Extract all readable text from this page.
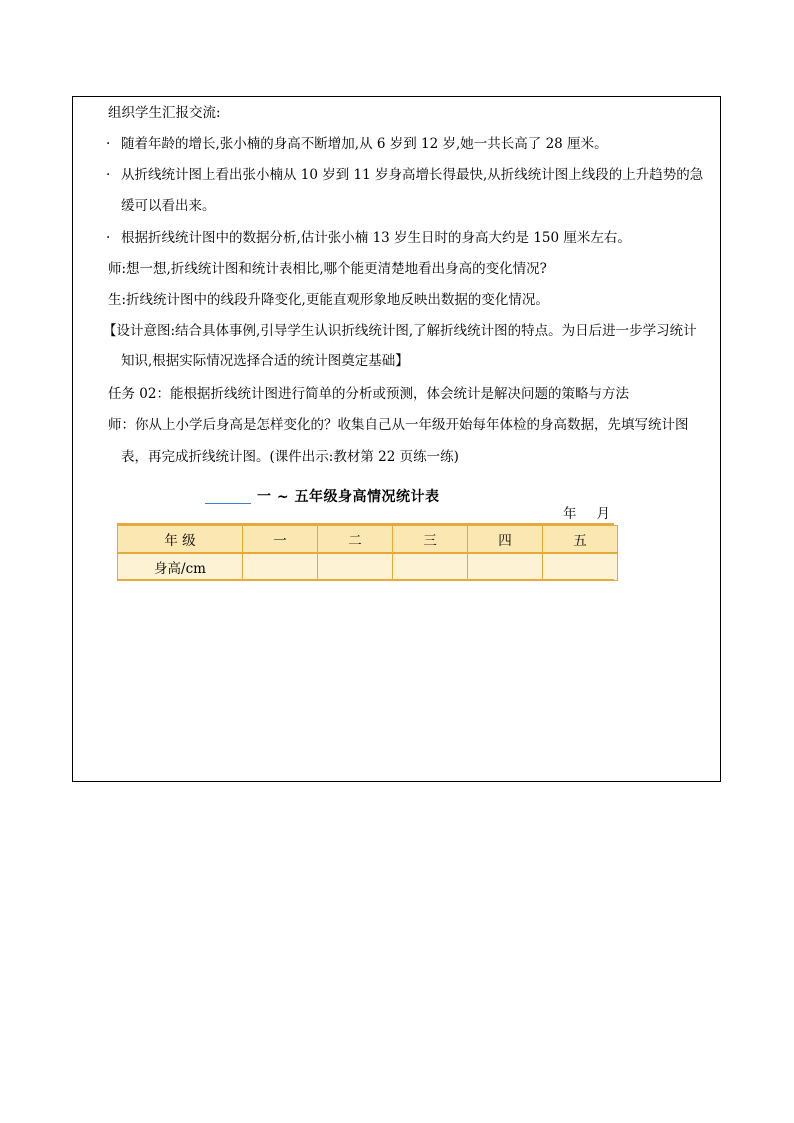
组织学生汇报交流:
· 随着年龄的增长,张小楠的身高不断增加,从 6 岁到 12 岁,她一共长高了 28 厘米。
· 从折线统计图上看出张小楠从 10 岁到 11 岁身高增长得最快,从折线统计图上线段的上升趋势的急
缓可以看出来。
· 根据折线统计图中的数据分析,估计张小楠 13 岁生日时的身高大约是 150 厘米左右。
师:想一想,折线统计图和统计表相比,哪个能更清楚地看出身高的变化情况?
生:折线统计图中的线段升降变化,更能直观形象地反映出数据的变化情况。
【设计意图:结合具体事例,引导学生认识折线统计图,了解折线统计图的特点。为日后进一步学习统计
知识,根据实际情况选择合适的统计图奠定基础】
任务 02：能根据折线统计图进行简单的分析或预测，体会统计是解决问题的策略与方法
师：你从上小学后身高是怎样变化的？收集自己从一年级开始每年体检的身高数据，先填写统计图
表，再完成折线统计图。(课件出示:教材第 22 页练一练)
一 ~ 五年级身高情况统计表
年 月
年 级	一	二	三	四	五
身高/cm					
